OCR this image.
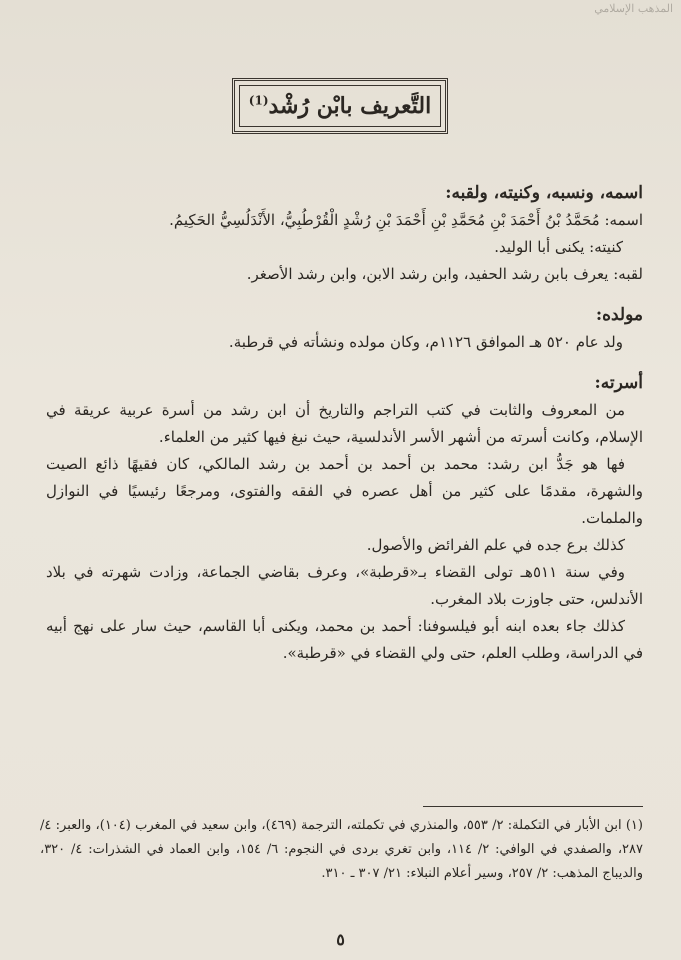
المذهب الإسلامي
التَّعريف بابْن رُشْد$^{(1)}$

اسمه، ونسبه، وكنيته، ولقبه:

اسمه: مُحَمَّدُ بْنُ أَحْمَدَ بْنِ مُحَمَّدِ بْنِ أَحْمَدَ بْنِ رُشْدٍ الْقُرْطُبِيُّ، الأَنْدَلُسِيُّ الحَكِيمُ.

كنيته: يكنى أبا الوليد.

لقبه: يعرف بابن رشد الحفيد، وابن رشد الابن، وابن رشد الأصغر.

مولده:

ولد عام ٥٢٠ هـ الموافق ١١٢٦م، وكان مولده ونشأته في قرطبة.

أسرته:

من المعروف والثابت في كتب التراجم والتاريخ أن ابن رشد من أسرة عربية عريقة في الإسلام، وكانت أسرته من أشهر الأسر الأندلسية، حيث نبغ فيها كثير من العلماء.

فها هو جَدُّ ابن رشد: محمد بن أحمد بن أحمد بن رشد المالكي، كان فقيهًا ذائع الصيت والشهرة، مقدمًا على كثير من أهل عصره في الفقه والفتوى، ومرجعًا رئيسيًا في النوازل والملمات.

كذلك برع جده في علم الفرائض والأصول.

وفي سنة ٥١١هـ تولى القضاء بـ«قرطبة»، وعرف بقاضي الجماعة، وزادت شهرته في بلاد الأندلس، حتى جاوزت بلاد المغرب.

كذلك جاء بعده ابنه أبو فيلسوفنا: أحمد بن محمد، ويكنى أبا القاسم، حيث سار على نهج أبيه في الدراسة، وطلب العلم، حتى ولي القضاء في «قرطبة».

(١) ابن الأبار في التكملة: ٢/ ٥٥٣، والمنذري في تكملته، الترجمة (٤٦٩)، وابن سعيد في المغرب (١٠٤)، والعبر: ٤/ ٢٨٧، والصفدي في الوافي: ٢/ ١١٤، وابن تغري بردى في النجوم: ٦/ ١٥٤، وابن العماد في الشذرات: ٤/ ٣٢٠، والديباج المذهب: ٢/ ٢٥٧، وسير أعلام النبلاء: ٢١/ ٣٠٧ ـ ٣١٠.

٥
